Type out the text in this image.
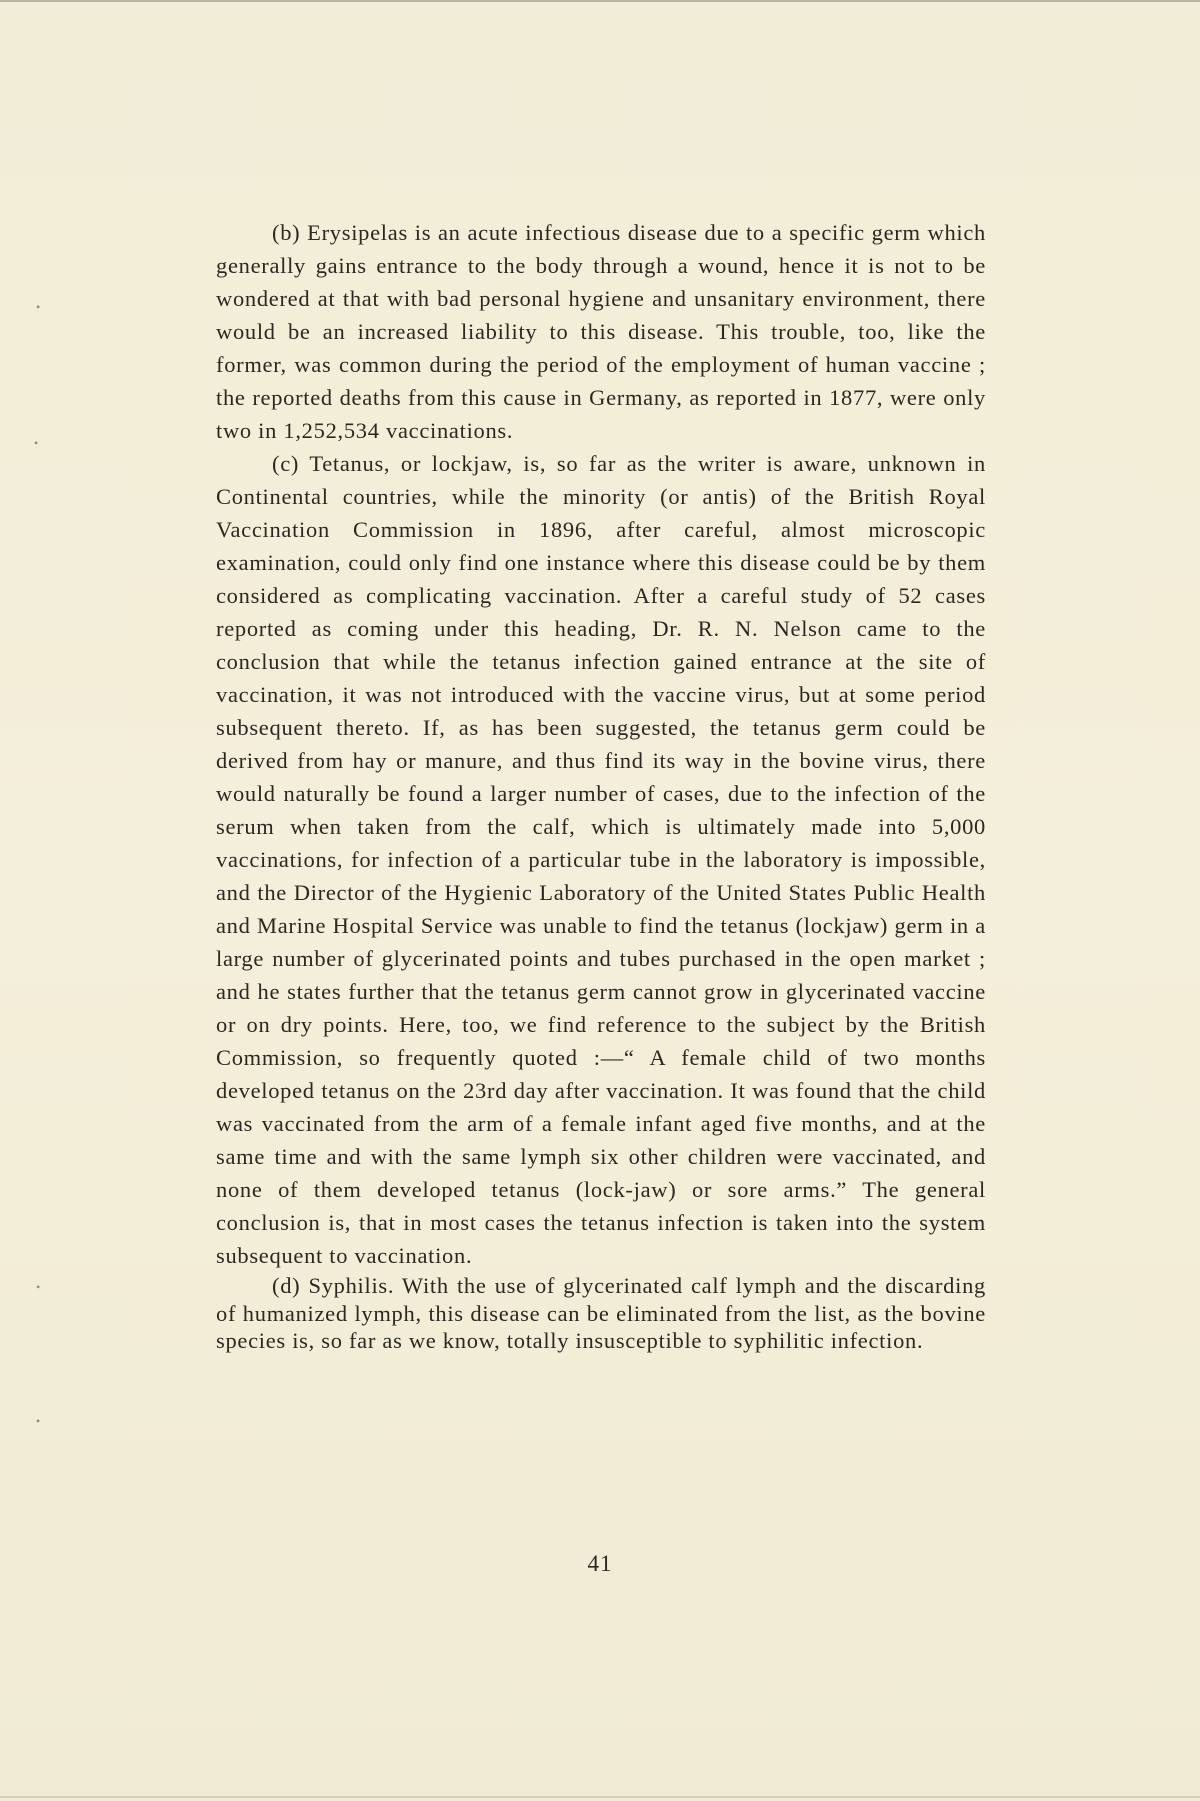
•
•
•
•

(b) Erysipelas is an acute infectious disease due to a specific germ which generally gains entrance to the body through a wound, hence it is not to be wondered at that with bad personal hygiene and unsanitary environment, there would be an increased liability to this disease. This trouble, too, like the former, was common during the period of the employment of human vaccine ; the reported deaths from this cause in Germany, as reported in 1877, were only two in 1,252,534 vaccinations.

(c) Tetanus, or lockjaw, is, so far as the writer is aware, unknown in Continental countries, while the minority (or antis) of the British Royal Vaccination Commission in 1896, after careful, almost microscopic examination, could only find one instance where this disease could be by them considered as complicating vaccination. After a careful study of 52 cases reported as coming under this heading, Dr. R. N. Nelson came to the conclusion that while the tetanus infection gained entrance at the site of vaccination, it was not introduced with the vaccine virus, but at some period subsequent thereto. If, as has been suggested, the tetanus germ could be derived from hay or manure, and thus find its way in the bovine virus, there would naturally be found a larger number of cases, due to the infection of the serum when taken from the calf, which is ultimately made into 5,000 vaccinations, for infection of a particular tube in the laboratory is impossible, and the Director of the Hygienic Laboratory of the United States Public Health and Marine Hospital Service was unable to find the tetanus (lockjaw) germ in a large number of glycerinated points and tubes purchased in the open market ; and he states further that the tetanus germ cannot grow in glycerinated vaccine or on dry points. Here, too, we find reference to the subject by the British Commission, so frequently quoted :—“ A female child of two months developed tetanus on the 23rd day after vaccination. It was found that the child was vaccinated from the arm of a female infant aged five months, and at the same time and with the same lymph six other children were vaccinated, and none of them developed tetanus (lock-jaw) or sore arms.” The general conclusion is, that in most cases the tetanus infection is taken into the system subsequent to vaccination.

(d) Syphilis. With the use of glycerinated calf lymph and the discarding of humanized lymph, this disease can be eliminated from the list, as the bovine species is, so far as we know, totally insusceptible to syphilitic infection.

41
